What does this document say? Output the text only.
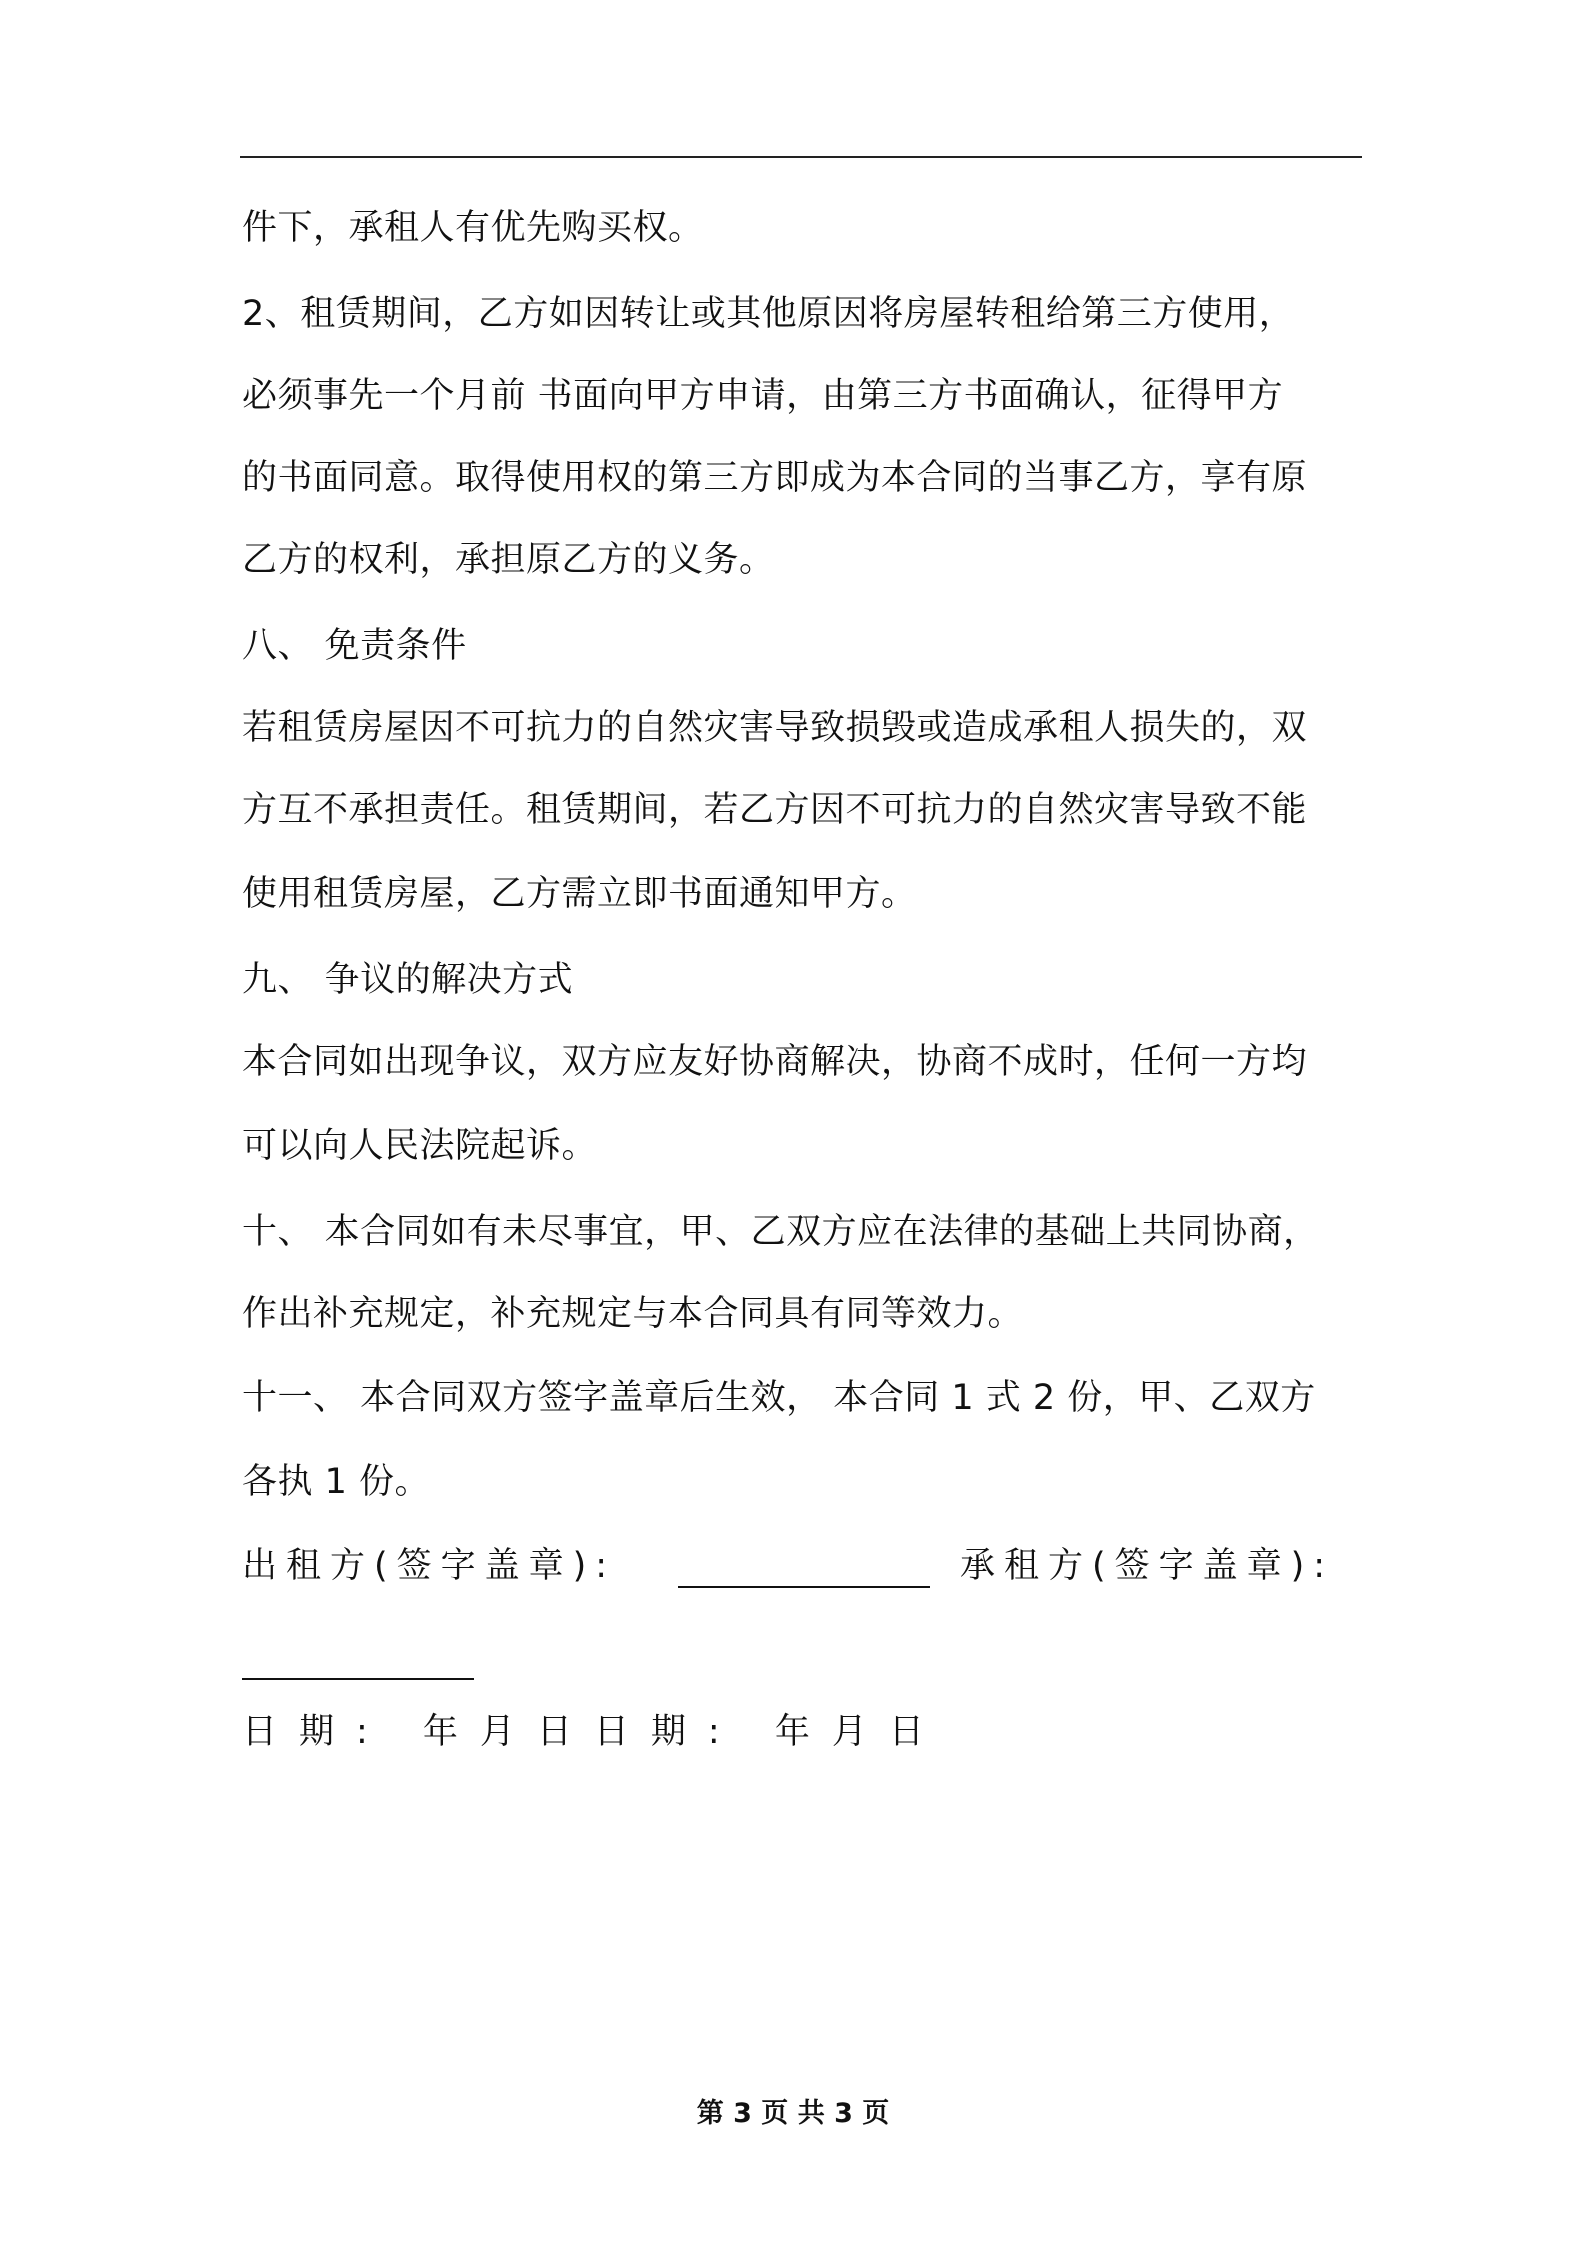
件下，承租人有优先购买权。
2、租赁期间，乙方如因转让或其他原因将房屋转租给第三方使用，
必须事先一个月前 书面向甲方申请，由第三方书面确认，征得甲方
的书面同意。取得使用权的第三方即成为本合同的当事乙方，享有原
乙方的权利，承担原乙方的义务。
八、 免责条件
若租赁房屋因不可抗力的自然灾害导致损毁或造成承租人损失的，双
方互不承担责任。租赁期间，若乙方因不可抗力的自然灾害导致不能
使用租赁房屋，乙方需立即书面通知甲方。
九、 争议的解决方式
本合同如出现争议，双方应友好协商解决，协商不成时，任何一方均
可以向人民法院起诉。
十、 本合同如有未尽事宜，甲、乙双方应在法律的基础上共同协商，
作出补充规定，补充规定与本合同具有同等效力。
十一、 本合同双方签字盖章后生效， 本合同 1 式 2 份，甲、乙双方
各执 1 份。
出租方(签字盖章):	承租方(签字盖章):
日期: 年月日日期: 年月日
第 3 页 共 3 页
